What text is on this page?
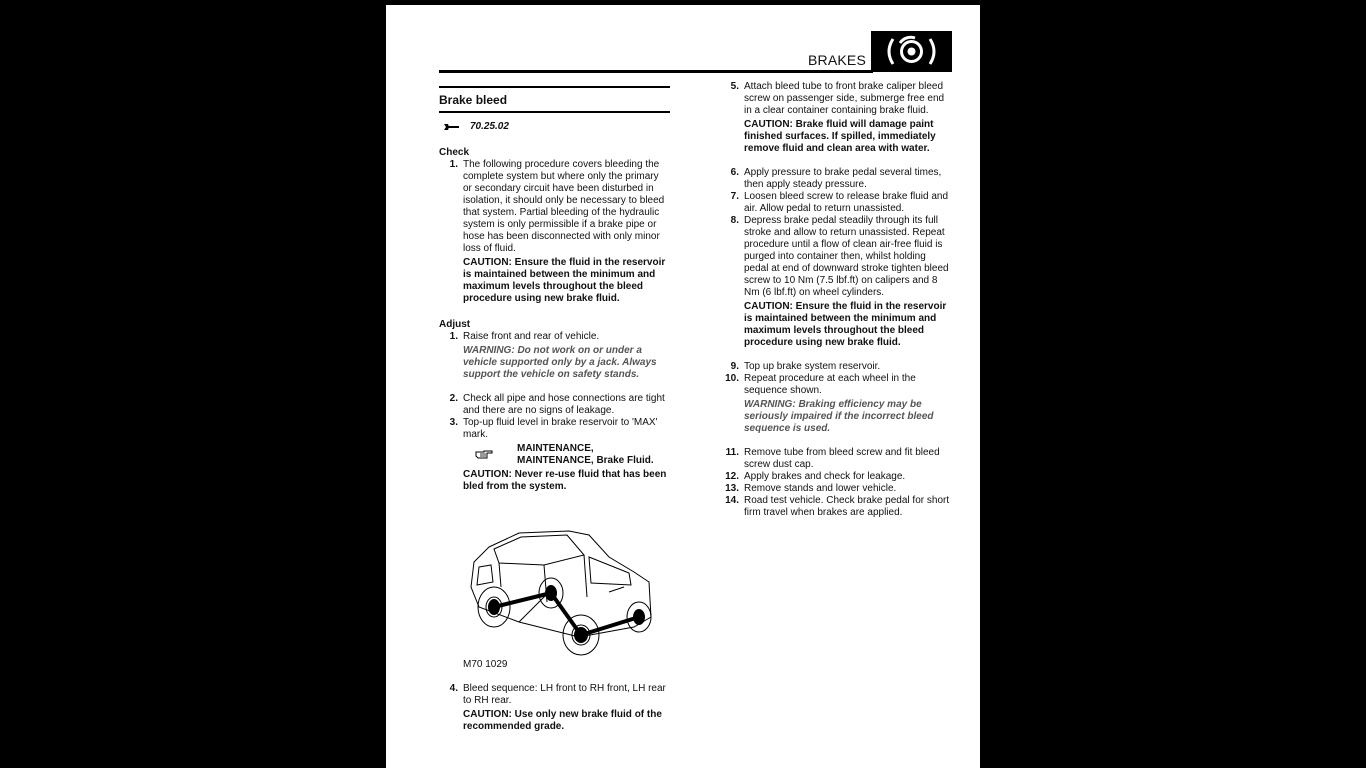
BRAKES
Brake bleed
70.25.02
Check
1. The following procedure covers bleeding the complete system but where only the primary or secondary circuit have been disturbed in isolation, it should only be necessary to bleed that system. Partial bleeding of the hydraulic system is only permissible if a brake pipe or hose has been disconnected with only minor loss of fluid.
CAUTION: Ensure the fluid in the reservoir is maintained between the minimum and maximum levels throughout the bleed procedure using new brake fluid.
Adjust
1. Raise front and rear of vehicle.
WARNING: Do not work on or under a vehicle supported only by a jack. Always support the vehicle on safety stands.
2. Check all pipe and hose connections are tight and there are no signs of leakage.
3. Top-up fluid level in brake reservoir to 'MAX' mark.
MAINTENANCE, MAINTENANCE, Brake Fluid.
CAUTION: Never re-use fluid that has been bled from the system.
M70 1029
4. Bleed sequence: LH front to RH front, LH rear to RH rear.
CAUTION: Use only new brake fluid of the recommended grade.
5. Attach bleed tube to front brake caliper bleed screw on passenger side, submerge free end in a clear container containing brake fluid.
CAUTION: Brake fluid will damage paint finished surfaces. If spilled, immediately remove fluid and clean area with water.
6. Apply pressure to brake pedal several times, then apply steady pressure.
7. Loosen bleed screw to release brake fluid and air. Allow pedal to return unassisted.
8. Depress brake pedal steadily through its full stroke and allow to return unassisted. Repeat procedure until a flow of clean air-free fluid is purged into container then, whilst holding pedal at end of downward stroke tighten bleed screw to 10 Nm (7.5 lbf.ft) on calipers and 8 Nm (6 lbf.ft) on wheel cylinders.
CAUTION: Ensure the fluid in the reservoir is maintained between the minimum and maximum levels throughout the bleed procedure using new brake fluid.
9. Top up brake system reservoir.
10. Repeat procedure at each wheel in the sequence shown.
WARNING: Braking efficiency may be seriously impaired if the incorrect bleed sequence is used.
11. Remove tube from bleed screw and fit bleed screw dust cap.
12. Apply brakes and check for leakage.
13. Remove stands and lower vehicle.
14. Road test vehicle. Check brake pedal for short firm travel when brakes are applied.
